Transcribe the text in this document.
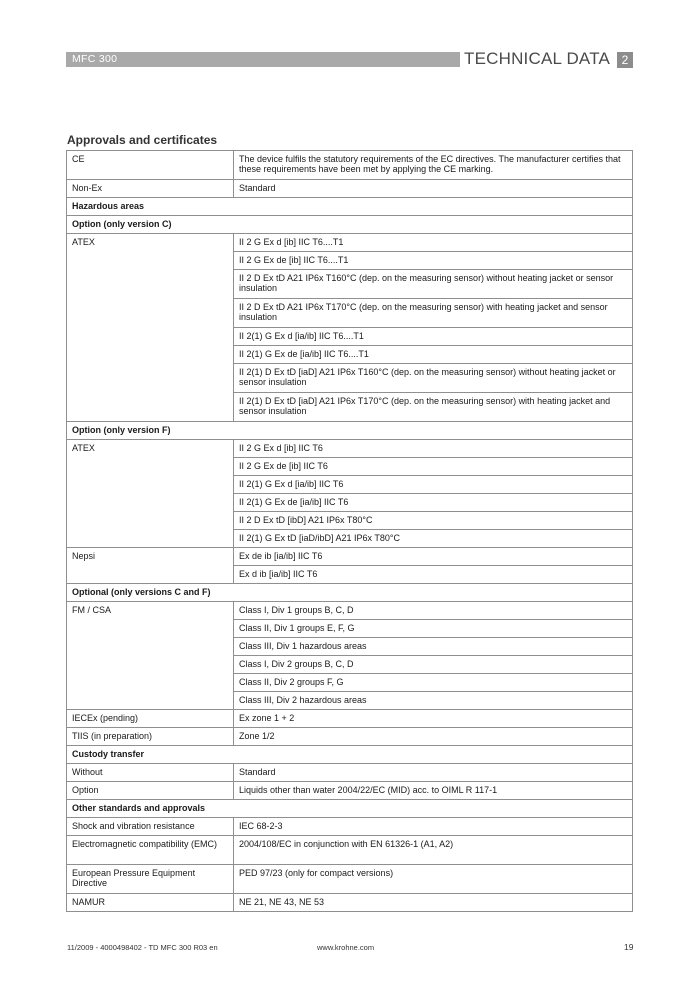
MFC 300	TECHNICAL DATA 2
Approvals and certificates
CE	The device fulfils the statutory requirements of the EC directives. The manufacturer certifies that these requirements have been met by applying the CE marking.
Non-Ex	Standard
Hazardous areas	
Option (only version C)	
ATEX	II 2 G Ex d [ib] IIC T6....T1
	II 2 G Ex de [ib] IIC T6....T1
	II 2 D Ex tD A21 IP6x T160°C (dep. on the measuring sensor) without heating jacket or sensor insulation
	II 2 D Ex tD A21 IP6x T170°C (dep. on the measuring sensor) with heating jacket and sensor insulation
	II 2(1) G Ex d [ia/ib] IIC T6....T1
	II 2(1) G Ex de [ia/ib] IIC T6....T1
	II 2(1) D Ex tD [iaD] A21 IP6x T160°C (dep. on the measuring sensor) without heating jacket or sensor insulation
	II 2(1) D Ex tD [iaD] A21 IP6x T170°C (dep. on the measuring sensor) with heating jacket and sensor insulation
Option (only version F)	
ATEX	II 2 G Ex d [ib] IIC T6
	II 2 G Ex de [ib] IIC T6
	II 2(1) G Ex d [ia/ib] IIC T6
	II 2(1) G Ex de [ia/ib] IIC T6
	II 2 D Ex tD [ibD] A21 IP6x T80°C
	II 2(1) G Ex tD [iaD/ibD] A21 IP6x T80°C
Nepsi	Ex de ib [ia/ib] IIC T6
	Ex d ib [ia/ib] IIC T6
Optional (only versions C and F)	
FM / CSA	Class I, Div 1 groups B, C, D
	Class II, Div 1 groups E, F, G
	Class III, Div 1 hazardous areas
	Class I, Div 2 groups B, C, D
	Class II, Div 2 groups F, G
	Class III, Div 2 hazardous areas
IECEx (pending)	Ex zone 1 + 2
TIIS (in preparation)	Zone 1/2
Custody transfer	
Without	Standard
Option	Liquids other than water 2004/22/EC (MID) acc. to OIML R 117-1
Other standards and approvals	
Shock and vibration resistance	IEC 68-2-3
Electromagnetic compatibility (EMC)	2004/108/EC in conjunction with EN 61326-1 (A1, A2)
European Pressure Equipment Directive	PED 97/23 (only for compact versions)
NAMUR	NE 21, NE 43, NE 53
11/2009 - 4000498402 - TD MFC 300 R03 en	www.krohne.com	19
